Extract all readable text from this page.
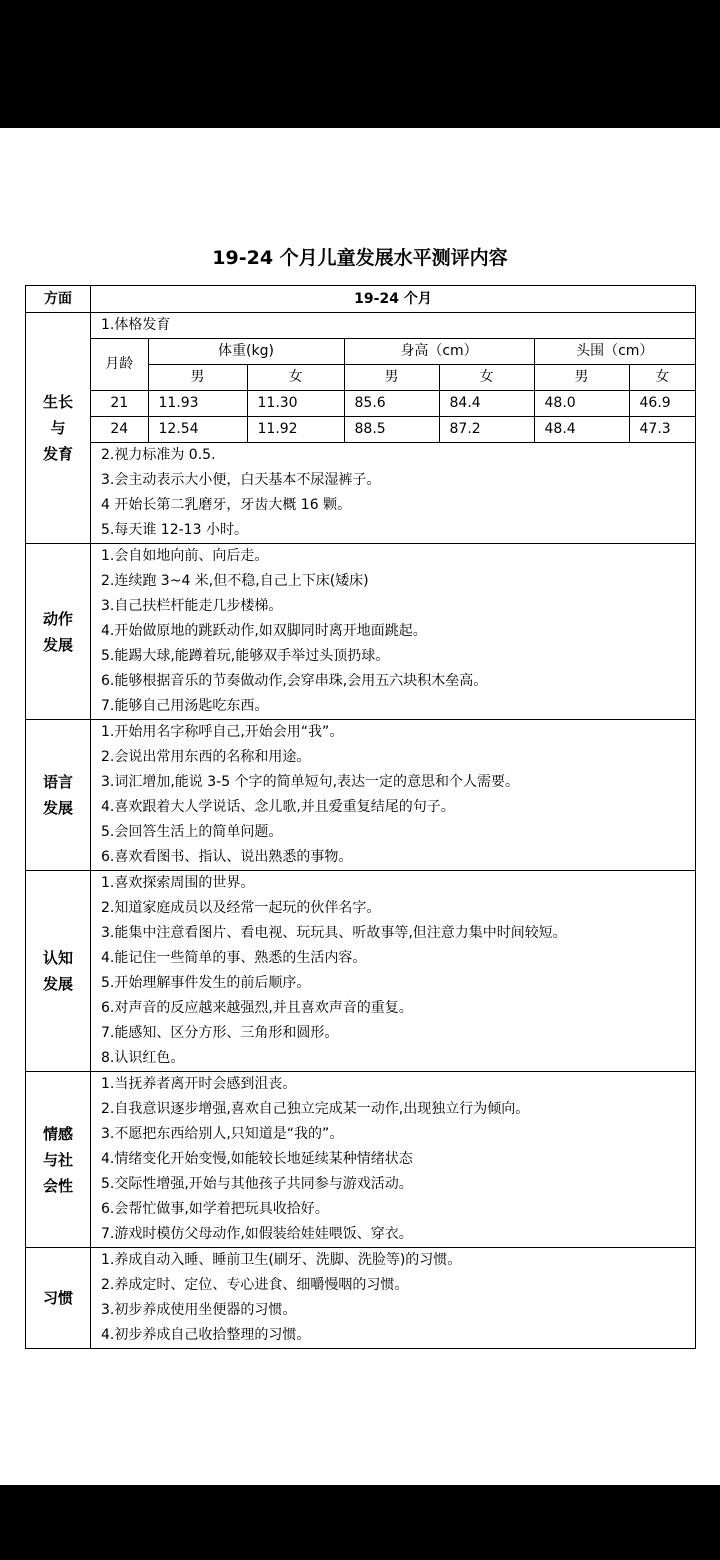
19-24 个月儿童发展水平测评内容
方面	19-24 个月

生长
与
发育

1.体格发育
月龄	体重(kg)	身高（cm）	头围（cm）
男	女	男	女	男	女
21	11.93	11.30	85.6	84.4	48.0	46.9
24	12.54	11.92	88.5	87.2	48.4	47.3
2.视力标准为 0.5.
3.会主动表示大小便，白天基本不尿湿裤子。
4 开始长第二乳磨牙，牙齿大概 16 颗。
5.每天谁 12-13 小时。

动作
发展

1.会自如地向前、向后走。
2.连续跑 3~4 米,但不稳,自己上下床(矮床)
3.自己扶栏杆能走几步楼梯。
4.开始做原地的跳跃动作,如双脚同时离开地面跳起。
5.能踢大球,能蹲着玩,能够双手举过头顶扔球。
6.能够根据音乐的节奏做动作,会穿串珠,会用五六块积木垒高。
7.能够自己用汤匙吃东西。

语言
发展

1.开始用名字称呼自己,开始会用“我”。
2.会说出常用东西的名称和用途。
3.词汇增加,能说 3-5 个字的简单短句,表达一定的意思和个人需要。
4.喜欢跟着大人学说话、念儿歌,并且爱重复结尾的句子。
5.会回答生活上的简单问题。
6.喜欢看图书、指认、说出熟悉的事物。

认知
发展

1.喜欢探索周围的世界。
2.知道家庭成员以及经常一起玩的伙伴名字。
3.能集中注意看图片、看电视、玩玩具、听故事等,但注意力集中时间较短。
4.能记住一些简单的事、熟悉的生活内容。
5.开始理解事件发生的前后顺序。
6.对声音的反应越来越强烈,并且喜欢声音的重复。
7.能感知、区分方形、三角形和圆形。
8.认识红色。

情感
与社
会性

1.当抚养者离开时会感到沮丧。
2.自我意识逐步增强,喜欢自己独立完成某一动作,出现独立行为倾向。
3.不愿把东西给别人,只知道是“我的”。
4.情绪变化开始变慢,如能较长地延续某种情绪状态
5.交际性增强,开始与其他孩子共同参与游戏活动。
6.会帮忙做事,如学着把玩具收拾好。
7.游戏时模仿父母动作,如假装给娃娃喂饭、穿衣。

习惯

1.养成自动入睡、睡前卫生(刷牙、洗脚、洗脸等)的习惯。
2.养成定时、定位、专心进食、细嚼慢咽的习惯。
3.初步养成使用坐便器的习惯。
4.初步养成自己收拾整理的习惯。
